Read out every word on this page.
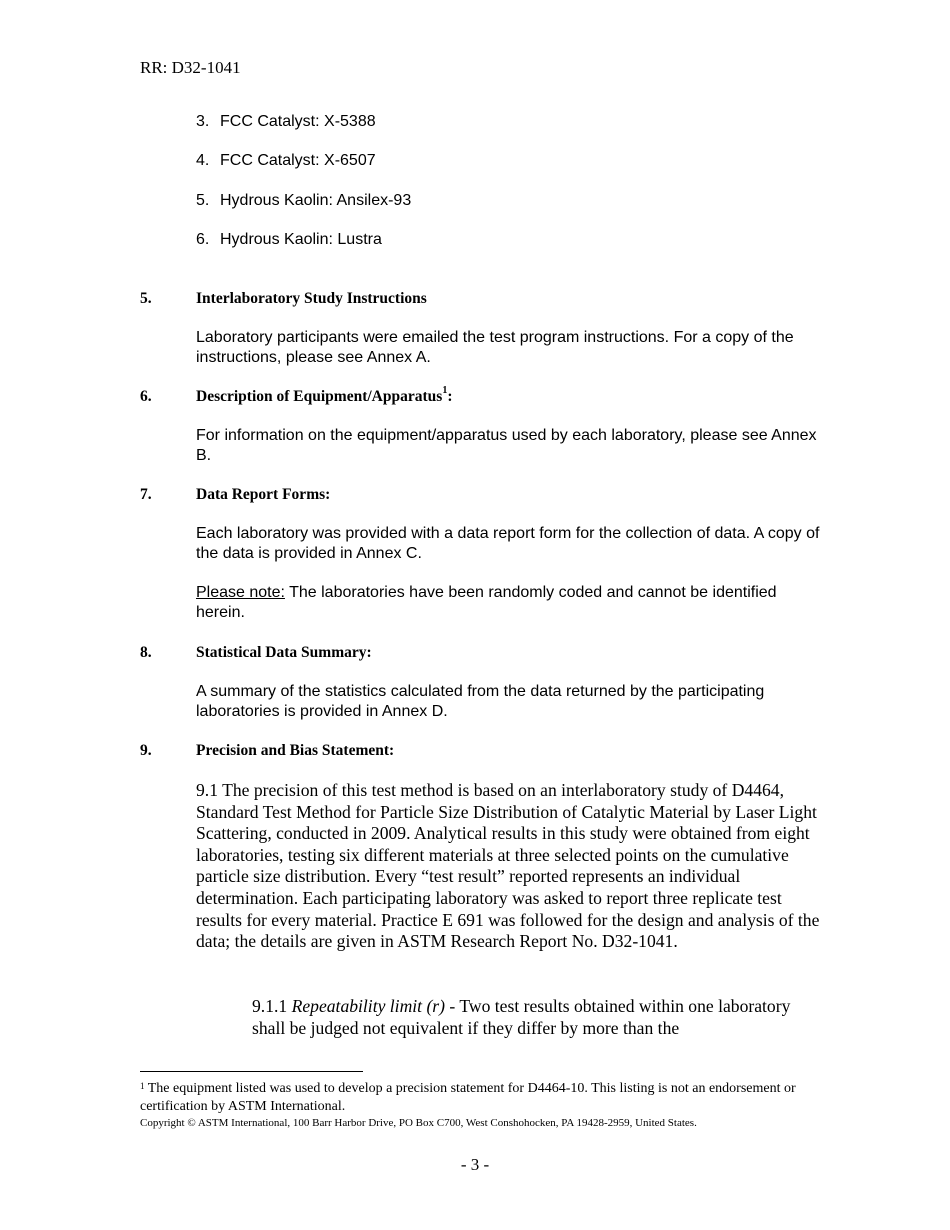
RR: D32-1041
3. FCC Catalyst: X-5388
4. FCC Catalyst: X-6507
5. Hydrous Kaolin: Ansilex-93
6. Hydrous Kaolin: Lustra
5.	Interlaboratory Study Instructions
Laboratory participants were emailed the test program instructions. For a copy of the instructions, please see Annex A.
6.	Description of Equipment/Apparatus$^1$:
For information on the equipment/apparatus used by each laboratory, please see Annex B.
7.	Data Report Forms:
Each laboratory was provided with a data report form for the collection of data. A copy of the data is provided in Annex C.
Please note: The laboratories have been randomly coded and cannot be identified herein.
8.	Statistical Data Summary:
A summary of the statistics calculated from the data returned by the participating laboratories is provided in Annex D.
9.	Precision and Bias Statement:
9.1 The precision of this test method is based on an interlaboratory study of D4464, Standard Test Method for Particle Size Distribution of Catalytic Material by Laser Light Scattering, conducted in 2009. Analytical results in this study were obtained from eight laboratories, testing six different materials at three selected points on the cumulative particle size distribution. Every “test result” reported represents an individual determination. Each participating laboratory was asked to report three replicate test results for every material. Practice E 691 was followed for the design and analysis of the data; the details are given in ASTM Research Report No. D32-1041.
9.1.1 Repeatability limit (r) - Two test results obtained within one laboratory shall be judged not equivalent if they differ by more than the
$^1$ The equipment listed was used to develop a precision statement for D4464-10. This listing is not an endorsement or certification by ASTM International.
Copyright © ASTM International, 100 Barr Harbor Drive, PO Box C700, West Conshohocken, PA 19428-2959, United States.
- 3 -
